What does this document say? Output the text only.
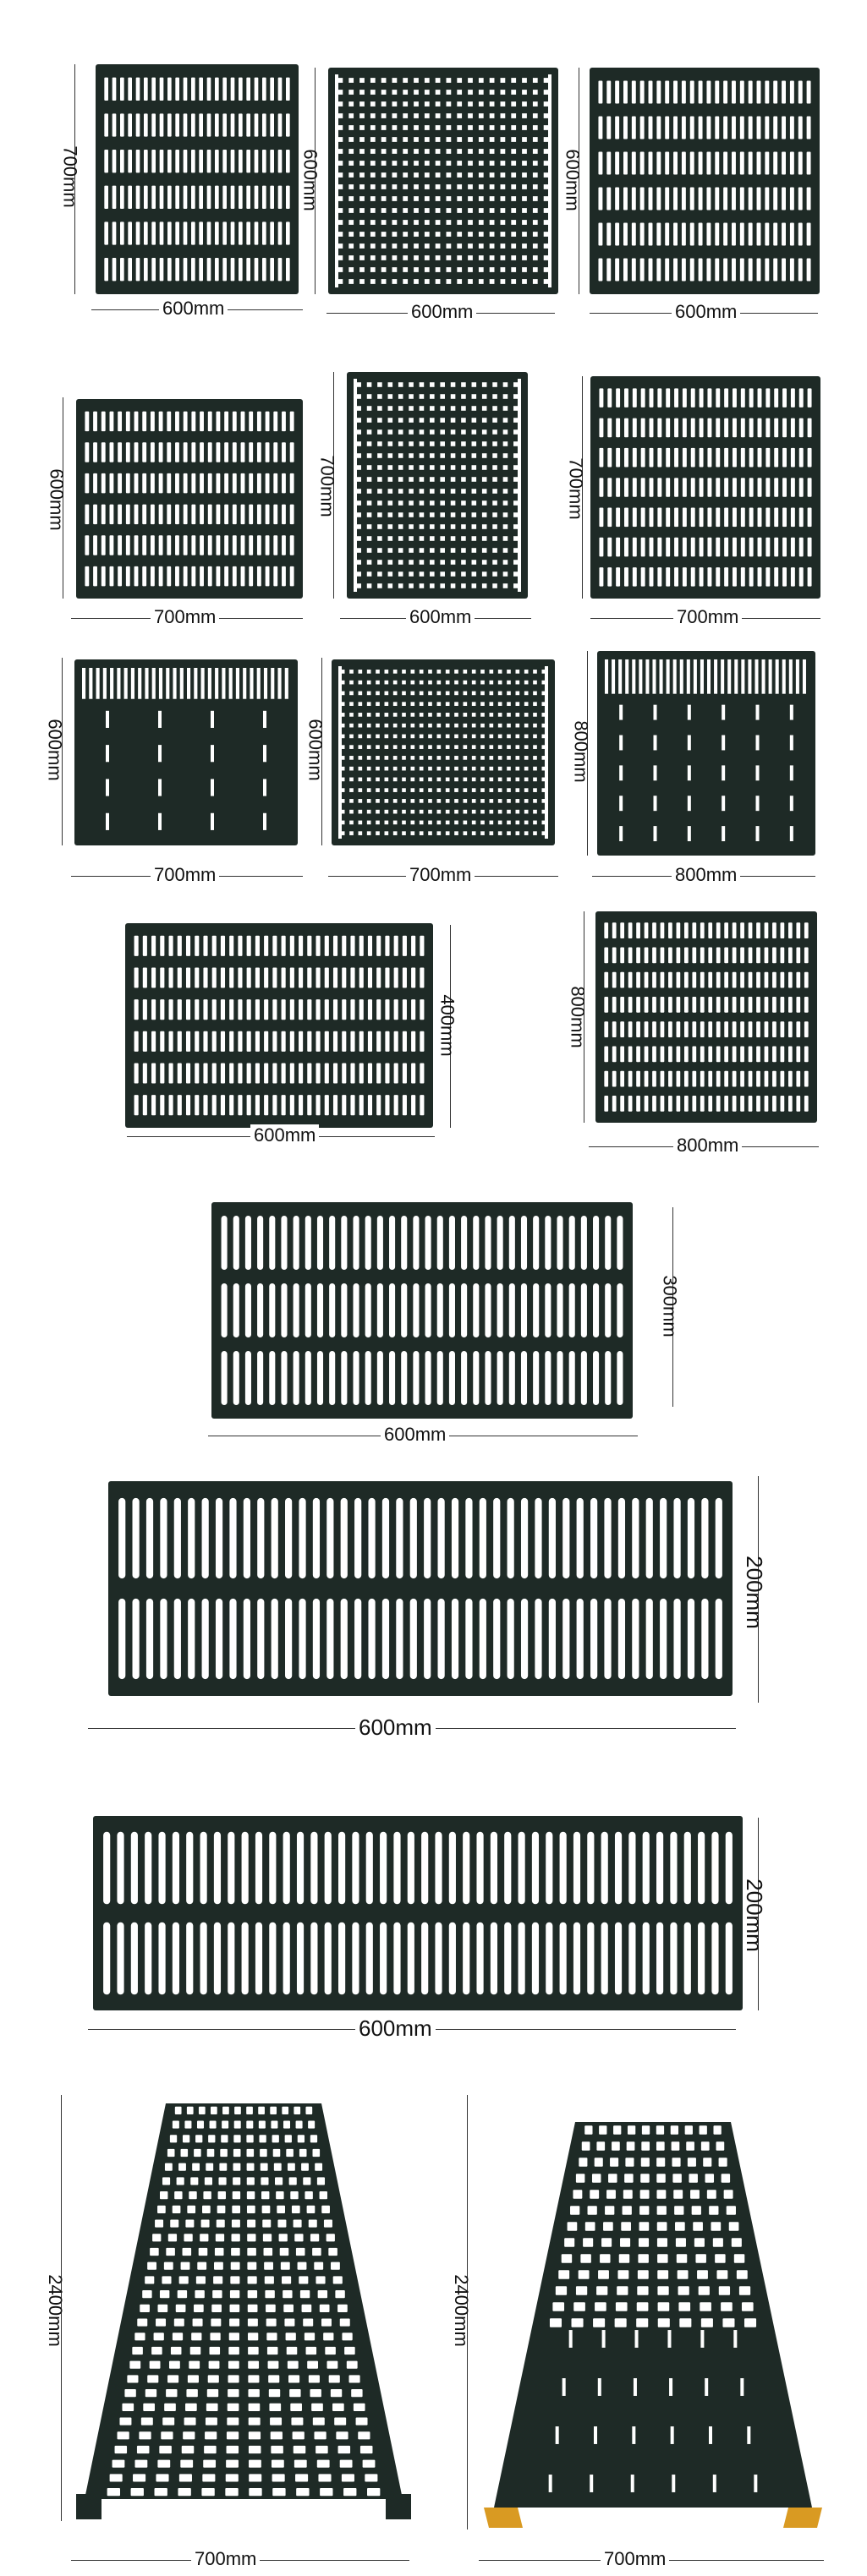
700mm
600mm
600mm
600mm
600mm
600mm
600mm
700mm
700mm
600mm
700mm
700mm
600mm
700mm
600mm
700mm
800mm
800mm
400mm
600mm
800mm
800mm
300mm
600mm
200mm
600mm
200mm
600mm
2400mm
700mm
2400mm
700mm
